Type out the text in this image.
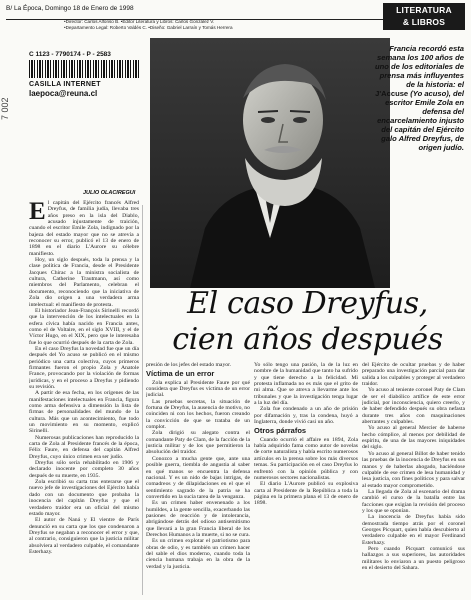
B/ La Época, Domingo 18 de Enero de 1998	LITERATURA
& LIBROS
•Director: Carlos Alfonso B. •Editor Literatura y Libros: Carlos González V.
•Departamento Legal: Roberto Valdés C. •Diseño: Gabriel Larraín y Tomás Herrera
7 002
C 1123 - 7790174 - P - 2583
CASILLA INTERNET
laepoca@reuna.cl
JULIO OLACIREGUI
Francia recordó esta semana los 100 años de uno de los editoriales de prensa más influyentes de la historia: el J'Accuse (Yo acuso), del escritor Emile Zola en defensa del encarcelamiento injusto del capitán del Ejército galo Alfred Dreyfus, de origen judío.
El caso Dreyfus,
cien años después
E l capitán del Ejército francés Alfred Dreyfus, de familia judía, llevaba tres años preso en la isla del Diablo, acusado injustamente de traición, cuando el escritor Emile Zola, indignado por la bajeza del estado mayor que no se atrevía a reconocer su error, publicó el 13 de enero de 1898 en el diario L'Aurore su célebre manifiesto.

Hoy, un siglo después, toda la prensa y la clase política de Francia, desde el Presidente Jacques Chirac a la ministra socialista de cultura, Catherine Trautmann, así como miembros del Parlamento, celebran el documento, reconociendo que la iniciativa de Zola dio origen a una verdadera arma intelectual: el manifiesto de protesta.

El historiador Jean-François Sirinelli recordó que la intervención de los intelectuales en la esfera cívica había nacido en Francia antes, como el de Voltaire, en el siglo XVIII, y el de Víctor Hugo, en el XIX, pero que le interesaba fue lo que ocurrió después de la carta de Zola.

En el caso Dreyfus la novedad fue que un día después del Yo acuso se publicó en el mismo periódico una carta colectiva, cuyos primeros firmantes fueron el propio Zola y Anatole France, provocando por la violación de formas jurídicas, y en el proceso a Dreyfus y pidiendo su revisión.

A partir de esa fecha, en los orígenes de las manifestaciones intelectuales en Francia, figura como arma defensiva a dimensión la lista de firmas de personalidades del mundo de la cultura. Más que un acontecimiento, fue todo un movimiento en su momento, explicó Sirinelli.

Numerosas publicaciones han reproducido la carta de Zola al Presidente francés de la época, Félix Faure, en defensa del capitán Alfred Dreyfus, cuyo único crimen era ser judío.

Dreyfus sólo sería rehabilitado en 1906 y declarado inocente por completo 30 años después de su muerte, en 1935.

Zola escribió su carta tras enterarse que el nuevo jefe de investigaciones del Ejército había dado con un documento que probaba la inocencia del capitán Dreyfus y que el verdadero traidor era un oficial del mismo estado mayor.

El autor de Naná y El vientre de París denunció en su carta que los que condenaron a Dreyfus se negaban a reconocer el error y que, al contrario, consiguieron que la justicia militar absolviera al verdadero culpable, el comandante Esterhazy.

presión de los jefes del estado mayor.

Víctima de un error

Zola explica al Presidente Faure por qué considera que Dreyfus es víctima de un error judicial.

Las pruebas secretas, la situación de fortuna de Dreyfus, la ausencia de motivo, no coinciden ni con los hechos, fueron creando la convicción de que se trataba de un complot.

Zola dirigió su alegato contra el comandante Paty de Clam, de la facción de la justicia militar y de los que permitieron la absolución del traidor.

Conozco a mucha gente que, ante una posible guerra, tiembla de angustia al saber en qué manos se encuentra la defensa nacional. Y es un nido de bajas intrigas, de comadreos y de dilapidaciones en el que el sentimiento sagrado de la patria se ha convertido en la sucia tarea de la venganza.

Es un crimen haber envenenado a los humildes, a la gente sencilla, exacerbando las pasiones de reacción y de intolerancia, abrigándose detrás del odioso antisemitismo que llevará a la gran Francia liberal de los Derechos Humanos a la muerte, si no se cura.

Es un crimen explotar el patriotismo para obras de odio, y es también un crimen hacer del sable el dios moderno, cuando toda la ciencia humana trabaja en la obra de la verdad y la justicia.

Yo sólo tengo una pasión, la de la luz en nombre de la humanidad que tanto ha sufrido y que tiene derecho a la felicidad. Mi protesta inflamada no es más que el grito de mi alma. Que se atreva a llevarme ante los tribunales y que la investigación tenga lugar a la luz del día.

Zola fue condenado a un año de prisión por difamación y, tras la condena, huyó a Inglaterra, donde vivió casi un año.

Otros párrafos

Cuando ocurrió el affaire en 1894, Zola había adquirido fama como autor de novelas de corte naturalista y había escrito numerosos artículos en la prensa sobre los más diversos temas. Su participación en el caso Dreyfus lo enfrentó con la opinión pública y con numerosos sectores nacionalistas.

El diario L'Aurore publicó su explosiva carta al Presidente de la República a toda la página en la primera plana el 13 de enero de 1898.

del Ejército de ocultar pruebas y de haber preparado una investigación parcial para dar salida a los culpables y proteger al verdadero traidor.

Yo acuso al teniente coronel Paty de Clam de ser el diabólico artífice de este error judicial, por inconsciencia, quiero creerlo, y de haber defendido después su obra nefasta durante tres años con maquinaciones aberrantes y culpables.

Yo acuso al general Mercier de haberse hecho cómplice, al menos por debilidad de espíritu, de una de las mayores iniquidades del siglo.

Yo acuso al general Billot de haber tenido las pruebas de la inocencia de Dreyfus en sus manos y de haberlas ahogado, haciéndose culpable de ese crimen de lesa humanidad y lesa justicia, con fines políticos y para salvar al estado mayor comprometido.

La llegada de Zola al escenario del drama cambió el curso de la batalla entre las facciones que exigían la revisión del proceso y los que se oponían.

La inocencia de Dreyfus había sido demostrada tiempo atrás por el coronel Georges Picquart, quien había descubierto al verdadero culpable en el mayor Ferdinand Esterhazy.

Pero cuando Picquart comunicó sus hallazgos a sus superiores, las autoridades militares lo enviaron a un puesto peligroso en el desierto del Sahara.
